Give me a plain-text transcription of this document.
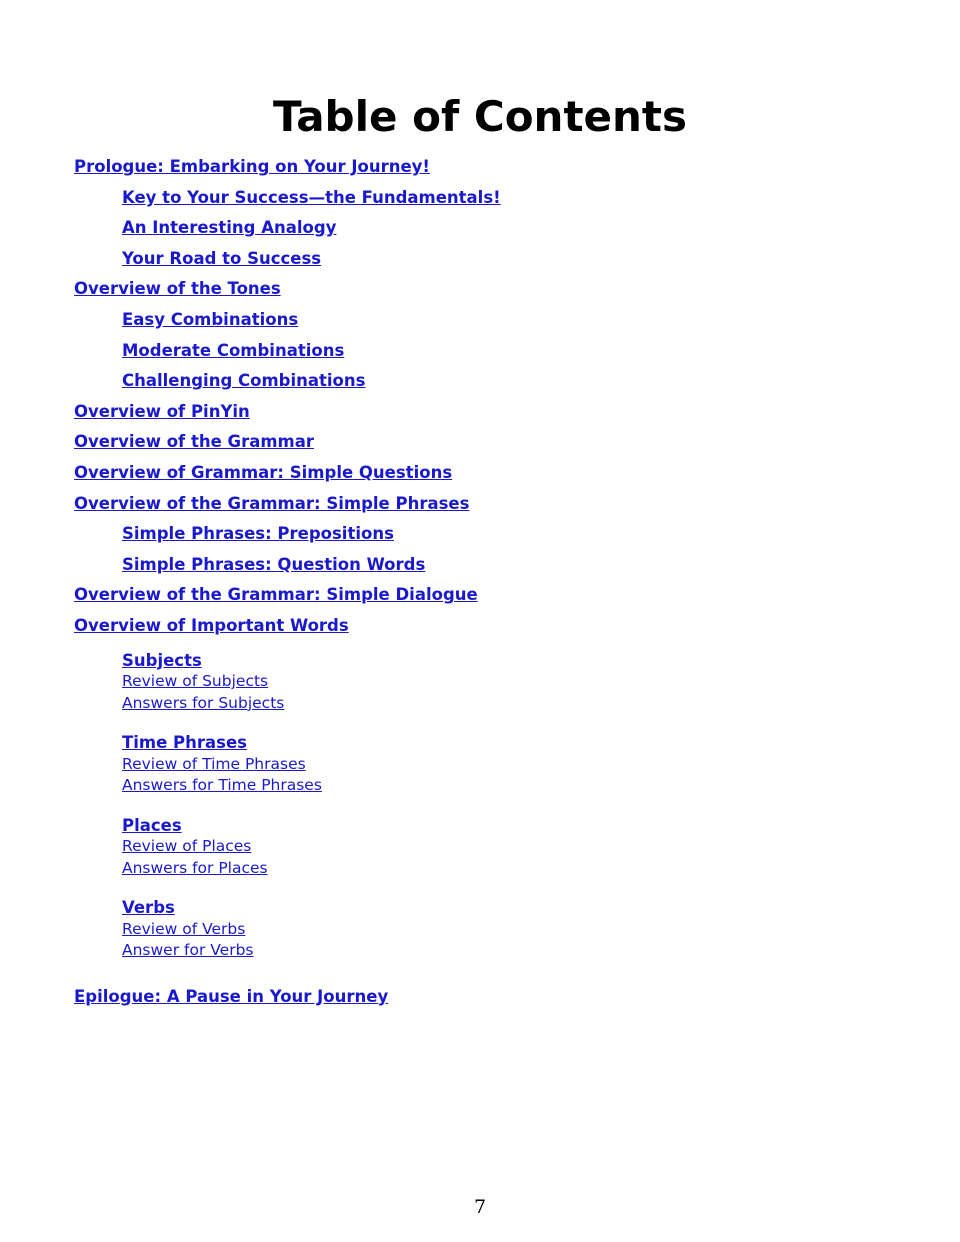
Table of Contents
Prologue: Embarking on Your Journey!
Key to Your Success—the Fundamentals!
An Interesting Analogy
Your Road to Success
Overview of the Tones
Easy Combinations
Moderate Combinations
Challenging Combinations
Overview of PinYin
Overview of the Grammar
Overview of Grammar: Simple Questions
Overview of the Grammar: Simple Phrases
Simple Phrases: Prepositions
Simple Phrases: Question Words
Overview of the Grammar: Simple Dialogue
Overview of Important Words
Subjects
Review of Subjects
Answers for Subjects
Time Phrases
Review of Time Phrases
Answers for Time Phrases
Places
Review of Places
Answers for Places
Verbs
Review of Verbs
Answer for Verbs
Epilogue: A Pause in Your Journey
7
